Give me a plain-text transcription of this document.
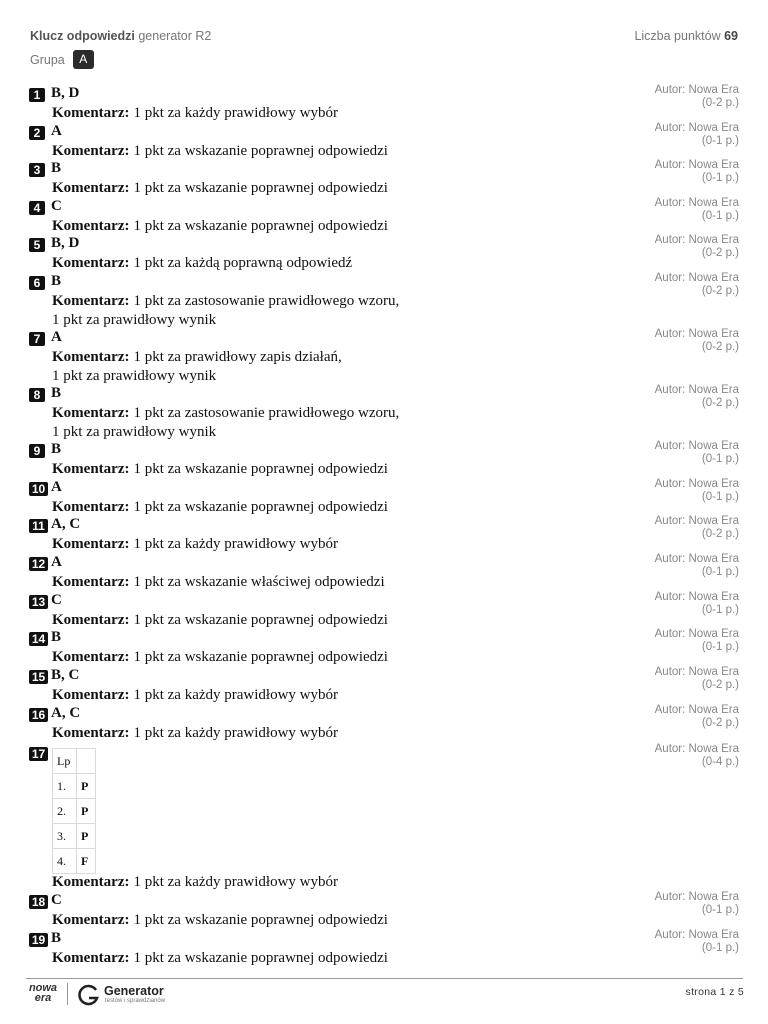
Klucz odpowiedzi generator R2	Liczba punktów 69
Grupa	A
1 B, D	Autor: Nowa Era
(0-2 p.)
Komentarz: 1 pkt za każdy prawidłowy wybór
2 A	Autor: Nowa Era
(0-1 p.)
Komentarz: 1 pkt za wskazanie poprawnej odpowiedzi
3 B	Autor: Nowa Era
(0-1 p.)
Komentarz: 1 pkt za wskazanie poprawnej odpowiedzi
4 C	Autor: Nowa Era
(0-1 p.)
Komentarz: 1 pkt za wskazanie poprawnej odpowiedzi
5 B, D	Autor: Nowa Era
(0-2 p.)
Komentarz: 1 pkt za każdą poprawną odpowiedź
6 B	Autor: Nowa Era
(0-2 p.)
Komentarz: 1 pkt za zastosowanie prawidłowego wzoru,
1 pkt za prawidłowy wynik
7 A	Autor: Nowa Era
(0-2 p.)
Komentarz: 1 pkt za prawidłowy zapis działań,
1 pkt za prawidłowy wynik
8 B	Autor: Nowa Era
(0-2 p.)
Komentarz: 1 pkt za zastosowanie prawidłowego wzoru,
1 pkt za prawidłowy wynik
9 B	Autor: Nowa Era
(0-1 p.)
Komentarz: 1 pkt za wskazanie poprawnej odpowiedzi
10 A	Autor: Nowa Era
(0-1 p.)
Komentarz: 1 pkt za wskazanie poprawnej odpowiedzi
11 A, C	Autor: Nowa Era
(0-2 p.)
Komentarz: 1 pkt za każdy prawidłowy wybór
12 A	Autor: Nowa Era
(0-1 p.)
Komentarz: 1 pkt za wskazanie właściwej odpowiedzi
13 C	Autor: Nowa Era
(0-1 p.)
Komentarz: 1 pkt za wskazanie poprawnej odpowiedzi
14 B	Autor: Nowa Era
(0-1 p.)
Komentarz: 1 pkt za wskazanie poprawnej odpowiedzi
15 B, C	Autor: Nowa Era
(0-2 p.)
Komentarz: 1 pkt za każdy prawidłowy wybór
16 A, C	Autor: Nowa Era
(0-2 p.)
Komentarz: 1 pkt za każdy prawidłowy wybór
17	Autor: Nowa Era
(0-4 p.)
Lp	
1.	P
2.	P
3.	P
4.	F
Komentarz: 1 pkt za każdy prawidłowy wybór
18 C	Autor: Nowa Era
(0-1 p.)
Komentarz: 1 pkt za wskazanie poprawnej odpowiedzi
19 B	Autor: Nowa Era
(0-1 p.)
Komentarz: 1 pkt za wskazanie poprawnej odpowiedzi
nowa
era	Generator
testów i sprawdzianów
strona 1 z 5
